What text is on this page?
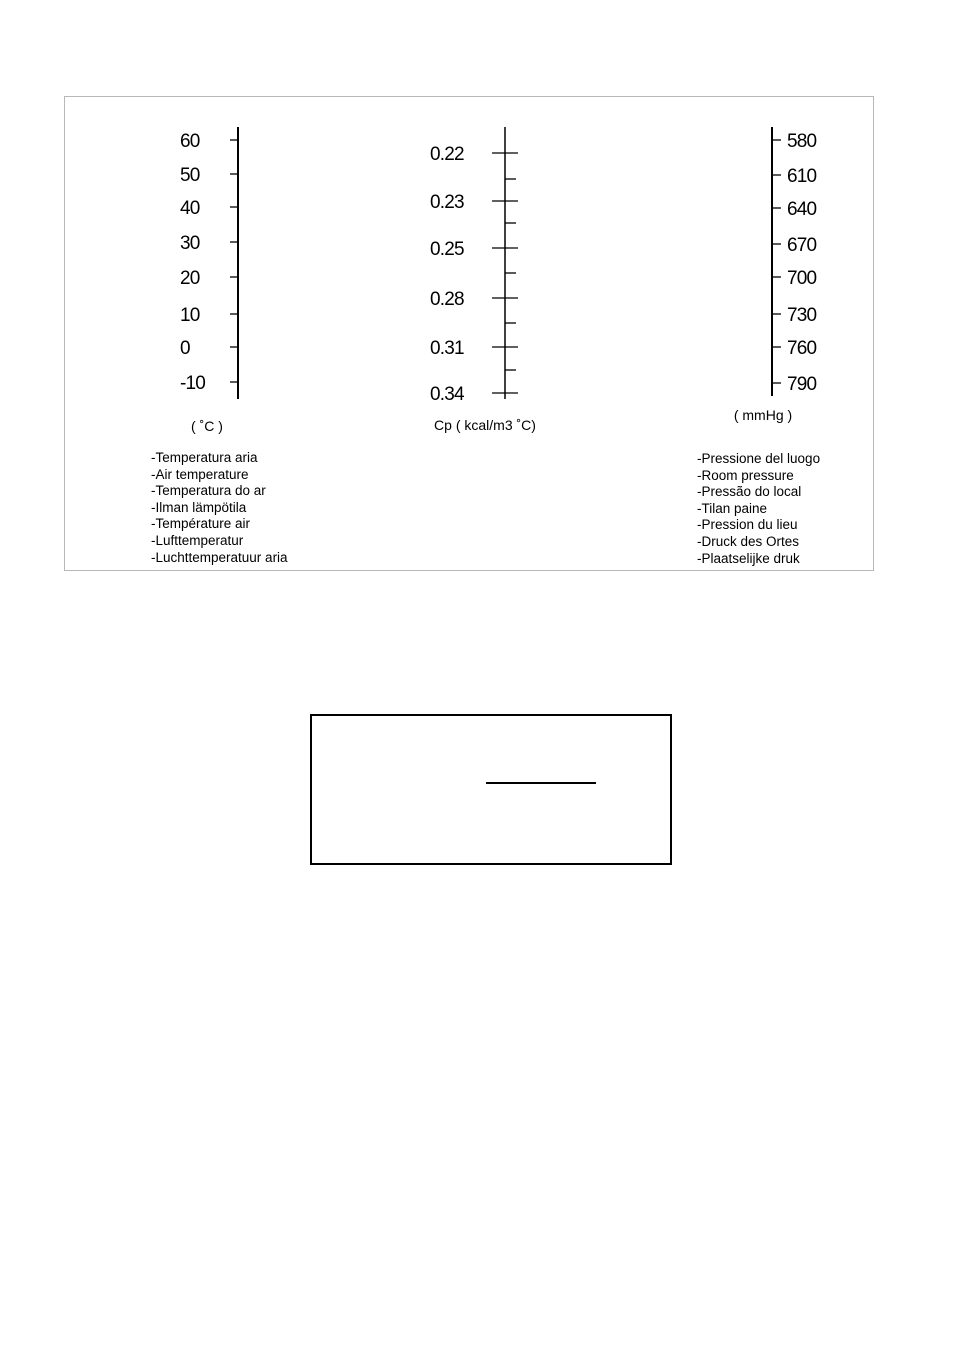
60
50
40
30
20
10
0
-10
0.22
0.23
0.25
0.28
0.31
0.34
580
610
640
670
700
730
760
790
( ˚C )	Cp ( kcal/m3 ˚C)
( mmHg )
-Temperatura aria
-Air temperature
-Temperatura do ar
-Ilman lämpötila
-Température air
-Lufttemperatur
-Luchttemperatuur aria
-Pressione del luogo
-Room pressure
-Pressão do local
-Tilan paine
-Pression du lieu
-Druck des Ortes
-Plaatselijke druk
